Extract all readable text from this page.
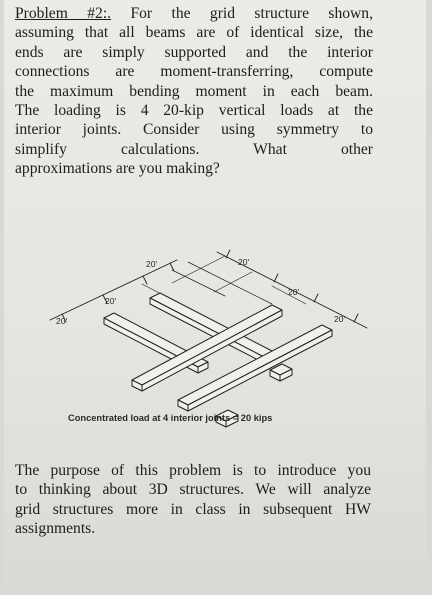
Problem #2:. For the grid structure shown,
assuming that all beams are of identical size, the
ends are simply supported and the interior
connections are moment-transferring, compute
the maximum bending moment in each beam.
The loading is 4 20-kip vertical loads at the
interior joints. Consider using symmetry to
simplify calculations. What other
approximations are you making?
20'
20'
20'	20'
20'
20'
Concentrated load at 4 interior joints = 20 kips
The purpose of this problem is to introduce you
to thinking about 3D structures. We will analyze
grid structures more in class in subsequent HW
assignments.
